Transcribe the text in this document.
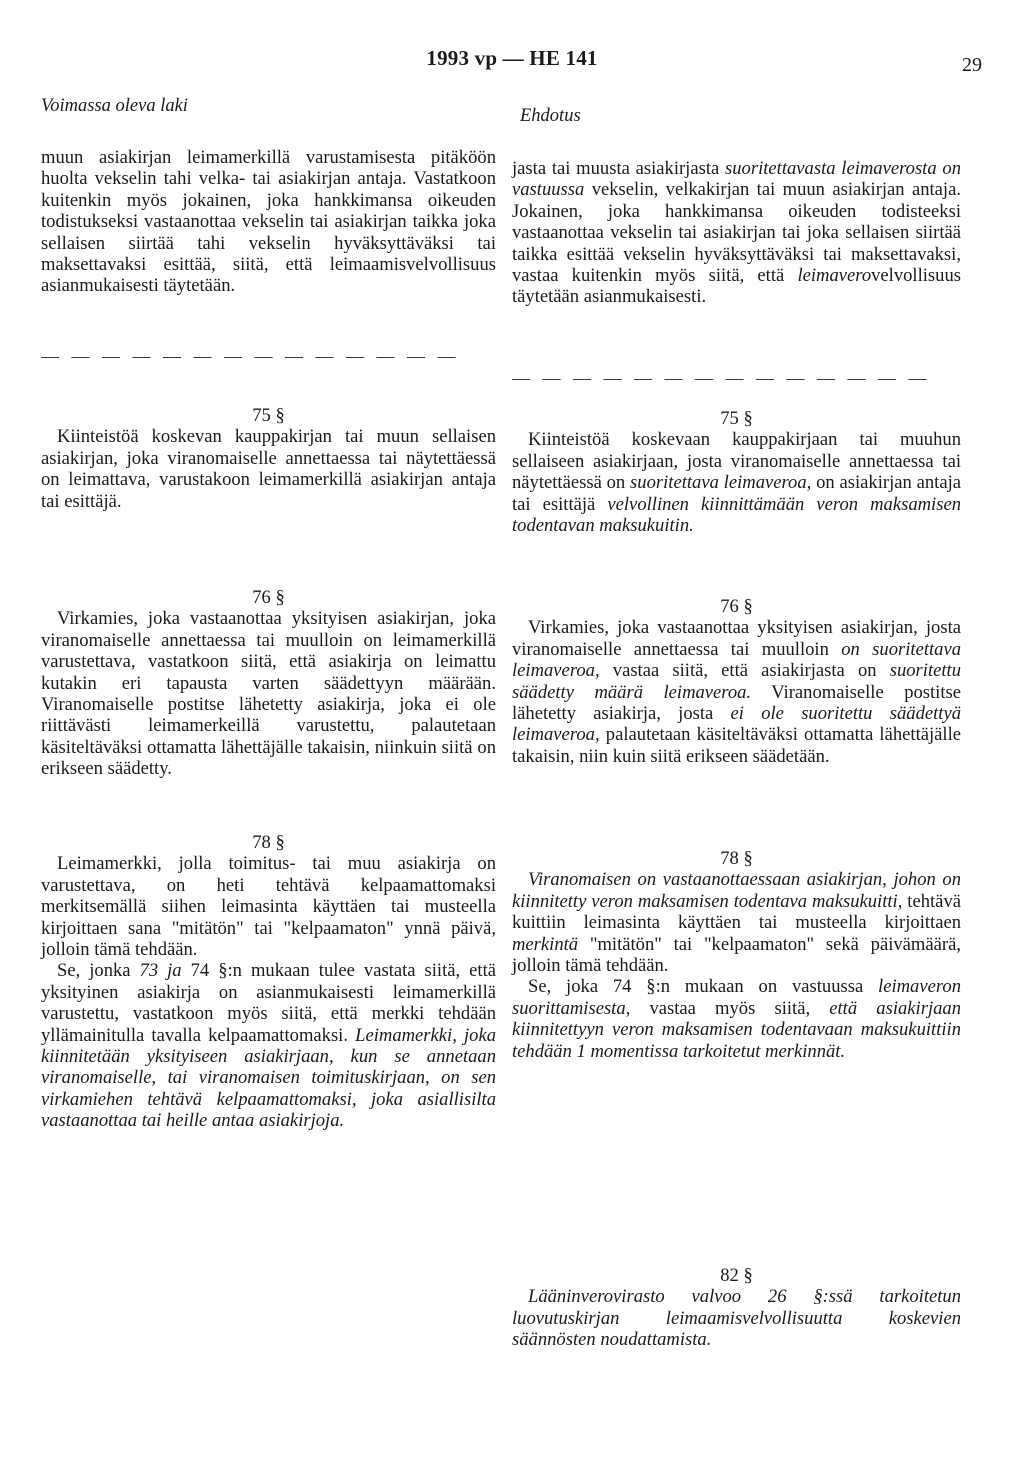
1993 vp — HE 141	29
Voimassa oleva laki	Ehdotus

muun asiakirjan leimamerkillä varustamisesta pitäköön huolta vekselin tahi velka- tai asiakirjan antaja. Vastatkoon kuitenkin myös jokainen, joka hankkimansa oikeuden todistukseksi vastaanottaa vekselin tai asiakirjan taikka joka sellaisen siirtää tahi vekselin hyväksyttäväksi tai maksettavaksi esittää, siitä, että leimaamisvelvollisuus asianmukaisesti täytetään.

— — — — — — — — — — — — — —

75 §

Kiinteistöä koskevan kauppakirjan tai muun sellaisen asiakirjan, joka viranomaiselle annettaessa tai näytettäessä on leimattava, varustakoon leimamerkillä asiakirjan antaja tai esittäjä.

76 §

Virkamies, joka vastaanottaa yksityisen asiakirjan, joka viranomaiselle annettaessa tai muulloin on leimamerkillä varustettava, vastatkoon siitä, että asiakirja on leimattu kutakin eri tapausta varten säädettyyn määrään. Viranomaiselle postitse lähetetty asiakirja, joka ei ole riittävästi leimamerkeillä varustettu, palautetaan käsiteltäväksi ottamatta lähettäjälle takaisin, niinkuin siitä on erikseen säädetty.

78 §

Leimamerkki, jolla toimitus- tai muu asiakirja on varustettava, on heti tehtävä kelpaamattomaksi merkitsemällä siihen leimasinta käyttäen tai musteella kirjoittaen sana "mitätön" tai "kelpaamaton" ynnä päivä, jolloin tämä tehdään.

Se, jonka 73 ja 74 §:n mukaan tulee vastata siitä, että yksityinen asiakirja on asianmukaisesti leimamerkillä varustettu, vastatkoon myös siitä, että merkki tehdään yllämainitulla tavalla kelpaamattomaksi. Leimamerkki, joka kiinnitetään yksityiseen asiakirjaan, kun se annetaan viranomaiselle, tai viranomaisen toimituskirjaan, on sen virkamiehen tehtävä kelpaamattomaksi, joka asiallisilta vastaanottaa tai heille antaa asiakirjoja.

jasta tai muusta asiakirjasta suoritettavasta leimaverosta on vastuussa vekselin, velkakirjan tai muun asiakirjan antaja. Jokainen, joka hankkimansa oikeuden todisteeksi vastaanottaa vekselin tai asiakirjan tai joka sellaisen siirtää taikka esittää vekselin hyväksyttäväksi tai maksettavaksi, vastaa kuitenkin myös siitä, että leimaverovelvollisuus täytetään asianmukaisesti.

— — — — — — — — — — — — — —

75 §

Kiinteistöä koskevaan kauppakirjaan tai muuhun sellaiseen asiakirjaan, josta viranomaiselle annettaessa tai näytettäessä on suoritettava leimaveroa, on asiakirjan antaja tai esittäjä velvollinen kiinnittämään veron maksamisen todentavan maksukuitin.

76 §

Virkamies, joka vastaanottaa yksityisen asiakirjan, josta viranomaiselle annettaessa tai muulloin on suoritettava leimaveroa, vastaa siitä, että asiakirjasta on suoritettu säädetty määrä leimaveroa. Viranomaiselle postitse lähetetty asiakirja, josta ei ole suoritettu säädettyä leimaveroa, palautetaan käsiteltäväksi ottamatta lähettäjälle takaisin, niin kuin siitä erikseen säädetään.

78 §

Viranomaisen on vastaanottaessaan asiakirjan, johon on kiinnitetty veron maksamisen todentava maksukuitti, tehtävä kuittiin leimasinta käyttäen tai musteella kirjoittaen merkintä "mitätön" tai "kelpaamaton" sekä päivämäärä, jolloin tämä tehdään.

Se, joka 74 §:n mukaan on vastuussa leimaveron suorittamisesta, vastaa myös siitä, että asiakirjaan kiinnitettyyn veron maksamisen todentavaan maksukuittiin tehdään 1 momentissa tarkoitetut merkinnät.

82 §

Lääninverovirasto valvoo 26 §:ssä tarkoitetun luovutuskirjan leimaamisvelvollisuutta koskevien säännösten noudattamista.
